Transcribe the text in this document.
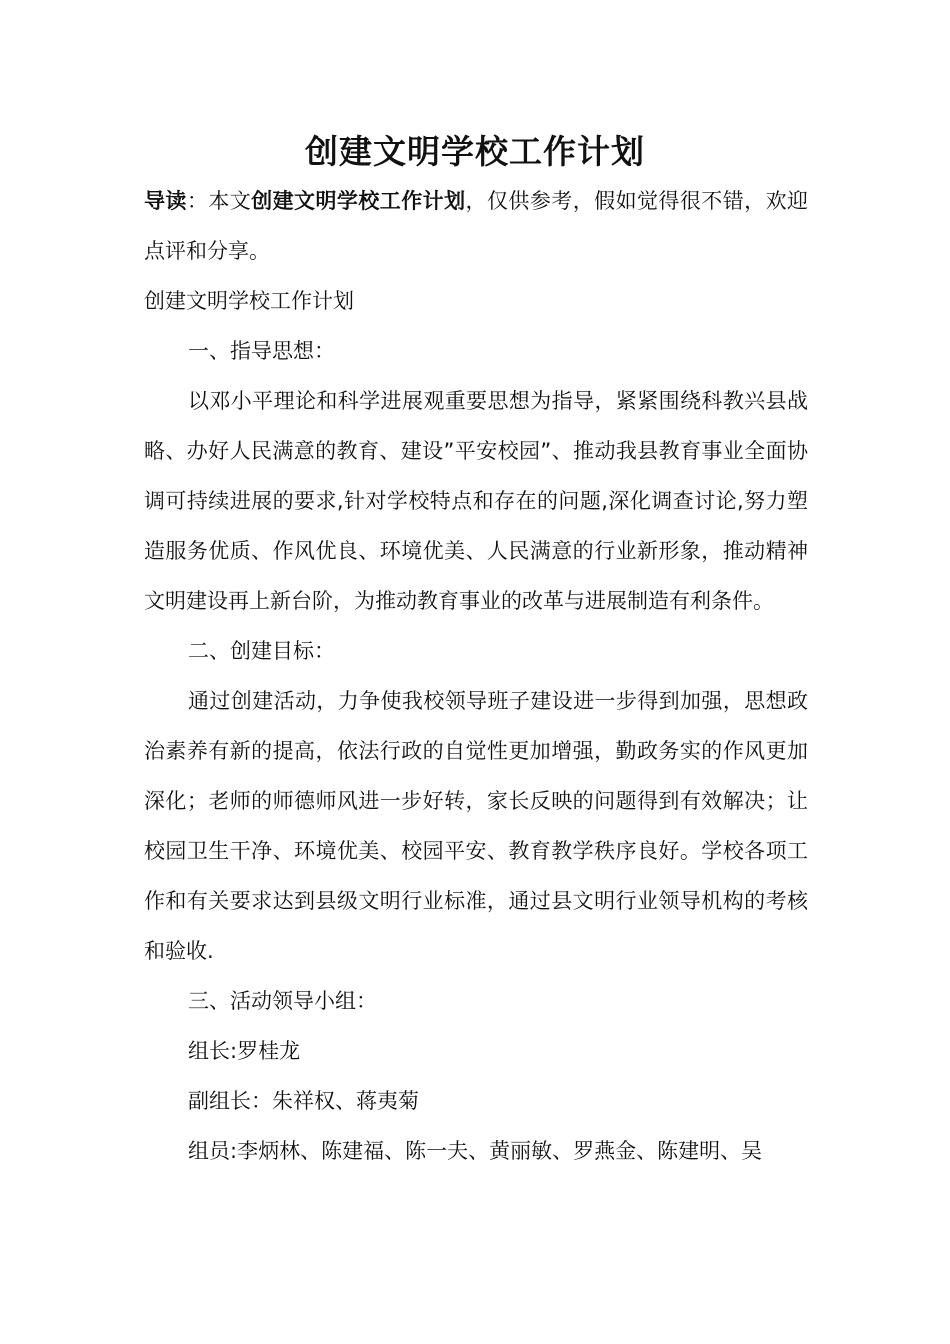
创建文明学校工作计划

导读：本文创建文明学校工作计划，仅供参考，假如觉得很不错，欢迎点评和分享。

创建文明学校工作计划

一、指导思想：

以邓小平理论和科学进展观重要思想为指导，紧紧围绕科教兴县战略、办好人民满意的教育、建设”平安校园”、推动我县教育事业全面协调可持续进展的要求,针对学校特点和存在的问题,深化调查讨论,努力塑造服务优质、作风优良、环境优美、人民满意的行业新形象，推动精神文明建设再上新台阶，为推动教育事业的改革与进展制造有利条件。

二、创建目标：

通过创建活动，力争使我校领导班子建设进一步得到加强，思想政治素养有新的提高，依法行政的自觉性更加增强，勤政务实的作风更加深化；老师的师德师风进一步好转，家长反映的问题得到有效解决；让校园卫生干净、环境优美、校园平安、教育教学秩序良好。学校各项工作和有关要求达到县级文明行业标准，通过县文明行业领导机构的考核和验收.

三、活动领导小组：

组长:罗桂龙

副组长：朱祥权、蒋夷菊

组员:李炳林、陈建福、陈一夫、黄丽敏、罗燕金、陈建明、吴
